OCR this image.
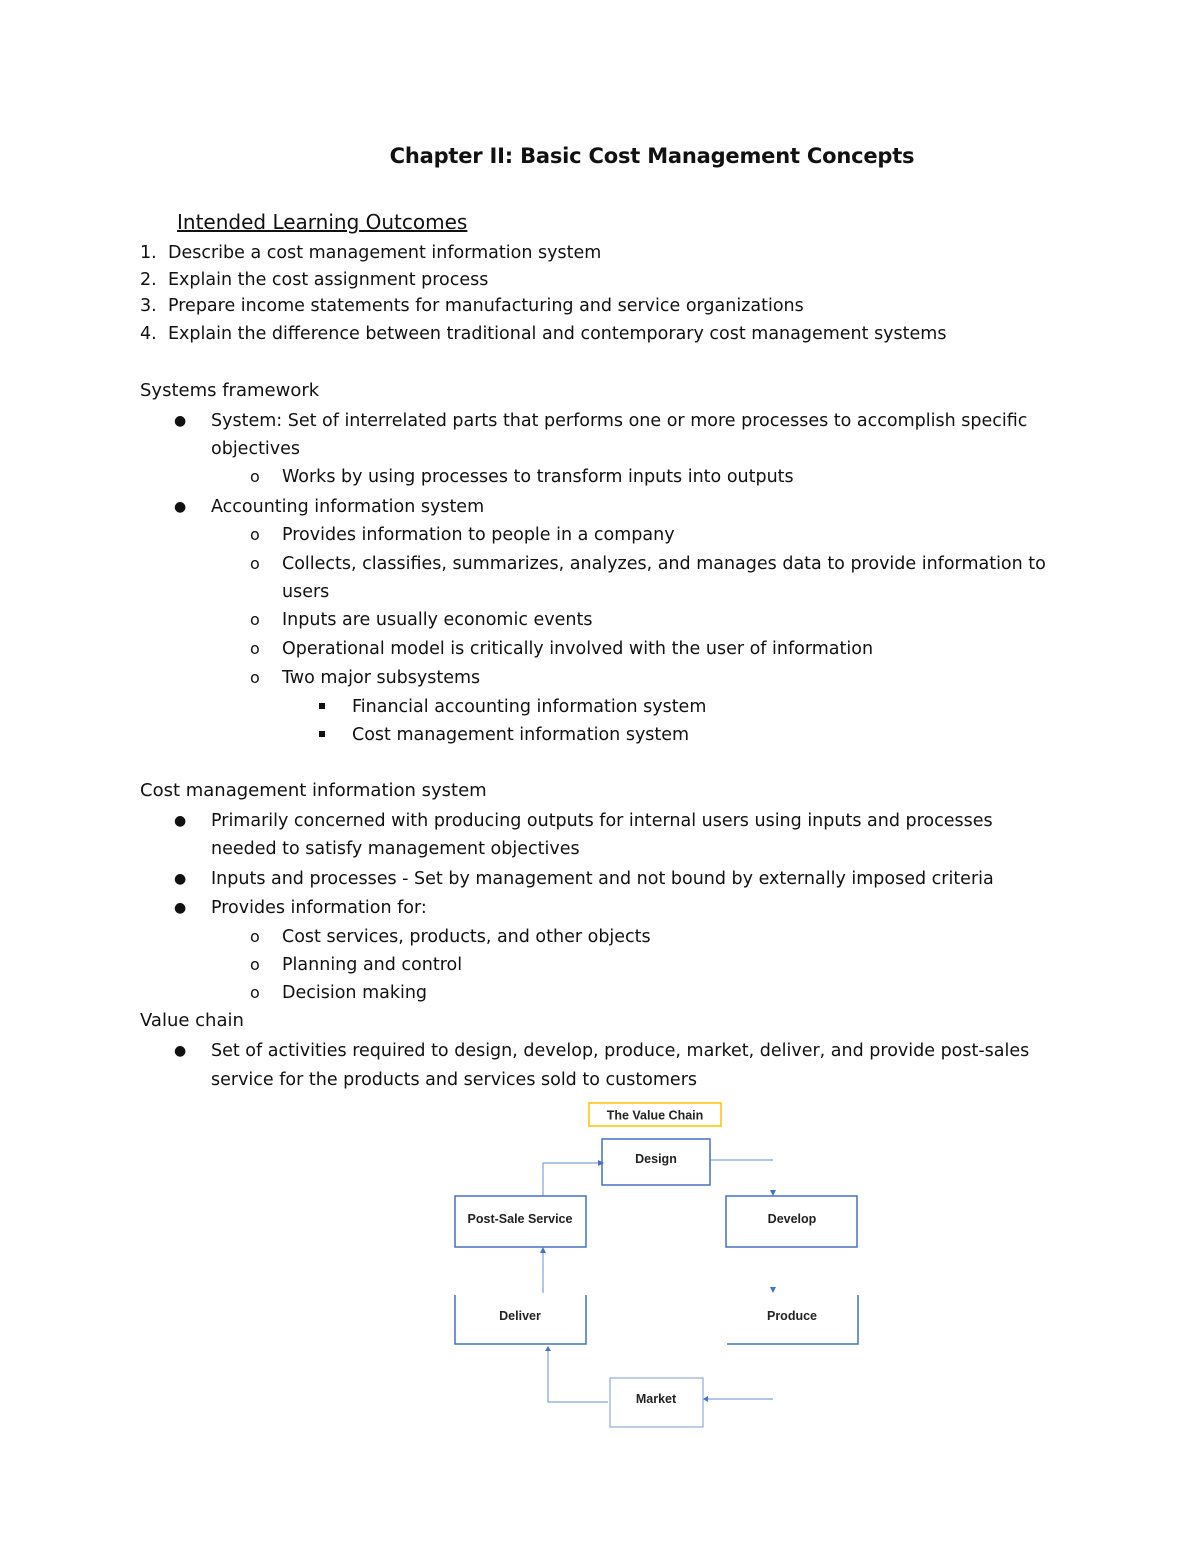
Chapter II: Basic Cost Management Concepts
Intended Learning Outcomes
1. Describe a cost management information system
2. Explain the cost assignment process
3. Prepare income statements for manufacturing and service organizations
4. Explain the difference between traditional and contemporary cost management systems
Systems framework
● System: Set of interrelated parts that performs one or more processes to accomplish specific
objectives
o Works by using processes to transform inputs into outputs
● Accounting information system
o Provides information to people in a company
o Collects, classifies, summarizes, analyzes, and manages data to provide information to
users
o Inputs are usually economic events
o Operational model is critically involved with the user of information
o Two major subsystems
Financial accounting information system
Cost management information system
Cost management information system
● Primarily concerned with producing outputs for internal users using inputs and processes
needed to satisfy management objectives
● Inputs and processes - Set by management and not bound by externally imposed criteria
● Provides information for:
o Cost services, products, and other objects
o Planning and control
o Decision making
Value chain
● Set of activities required to design, develop, produce, market, deliver, and provide post-sales
service for the products and services sold to customers
The Value Chain
Design
Post-Sale Service	Develop
Deliver	Produce
Market
